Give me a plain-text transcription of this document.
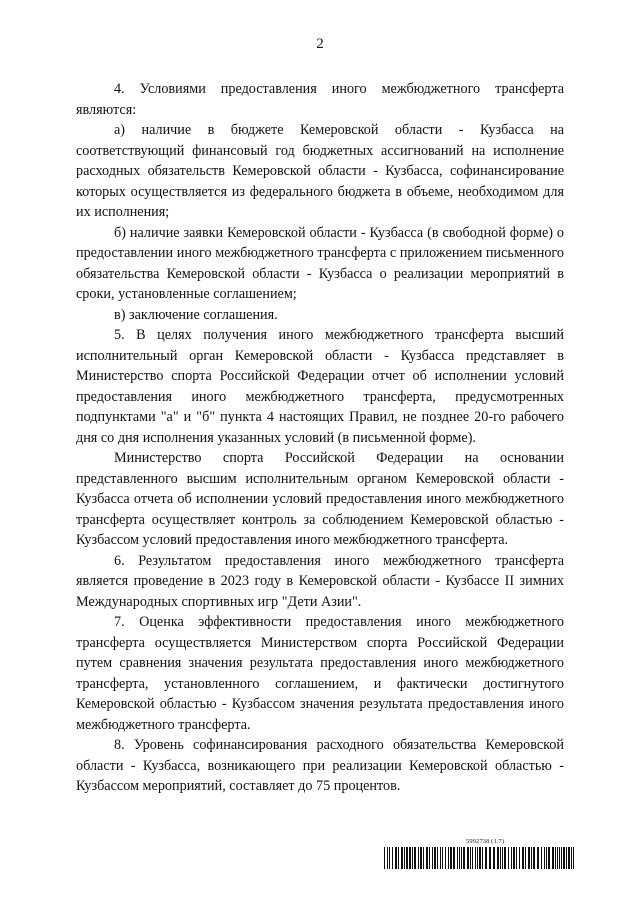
2

4. Условиями предоставления иного межбюджетного трансферта являются:

а) наличие в бюджете Кемеровской области - Кузбасса на соответствующий финансовый год бюджетных ассигнований на исполнение расходных обязательств Кемеровской области - Кузбасса, софинансирование которых осуществляется из федерального бюджета в объеме, необходимом для их исполнения;

б) наличие заявки Кемеровской области - Кузбасса (в свободной форме) о предоставлении иного межбюджетного трансферта с приложением письменного обязательства Кемеровской области - Кузбасса о реализации мероприятий в сроки, установленные соглашением;

в) заключение соглашения.

5. В целях получения иного межбюджетного трансферта высший исполнительный орган Кемеровской области - Кузбасса представляет в Министерство спорта Российской Федерации отчет об исполнении условий предоставления иного межбюджетного трансферта, предусмотренных подпунктами "а" и "б" пункта 4 настоящих Правил, не позднее 20-го рабочего дня со дня исполнения указанных условий (в письменной форме).

Министерство спорта Российской Федерации на основании представленного высшим исполнительным органом Кемеровской области - Кузбасса отчета об исполнении условий предоставления иного межбюджетного трансферта осуществляет контроль за соблюдением Кемеровской областью - Кузбассом условий предоставления иного межбюджетного трансферта.

6. Результатом предоставления иного межбюджетного трансферта является проведение в 2023 году в Кемеровской области - Кузбассе II зимних Международных спортивных игр "Дети Азии".

7. Оценка эффективности предоставления иного межбюджетного трансферта осуществляется Министерством спорта Российской Федерации путем сравнения значения результата предоставления иного межбюджетного трансферта, установленного соглашением, и фактически достигнутого Кемеровской областью - Кузбассом значения результата предоставления иного межбюджетного трансферта.

8. Уровень софинансирования расходного обязательства Кемеровской области - Кузбасса, возникающего при реализации Кемеровской областью - Кузбассом мероприятий, составляет до 75 процентов.

5992738 (1.7)
